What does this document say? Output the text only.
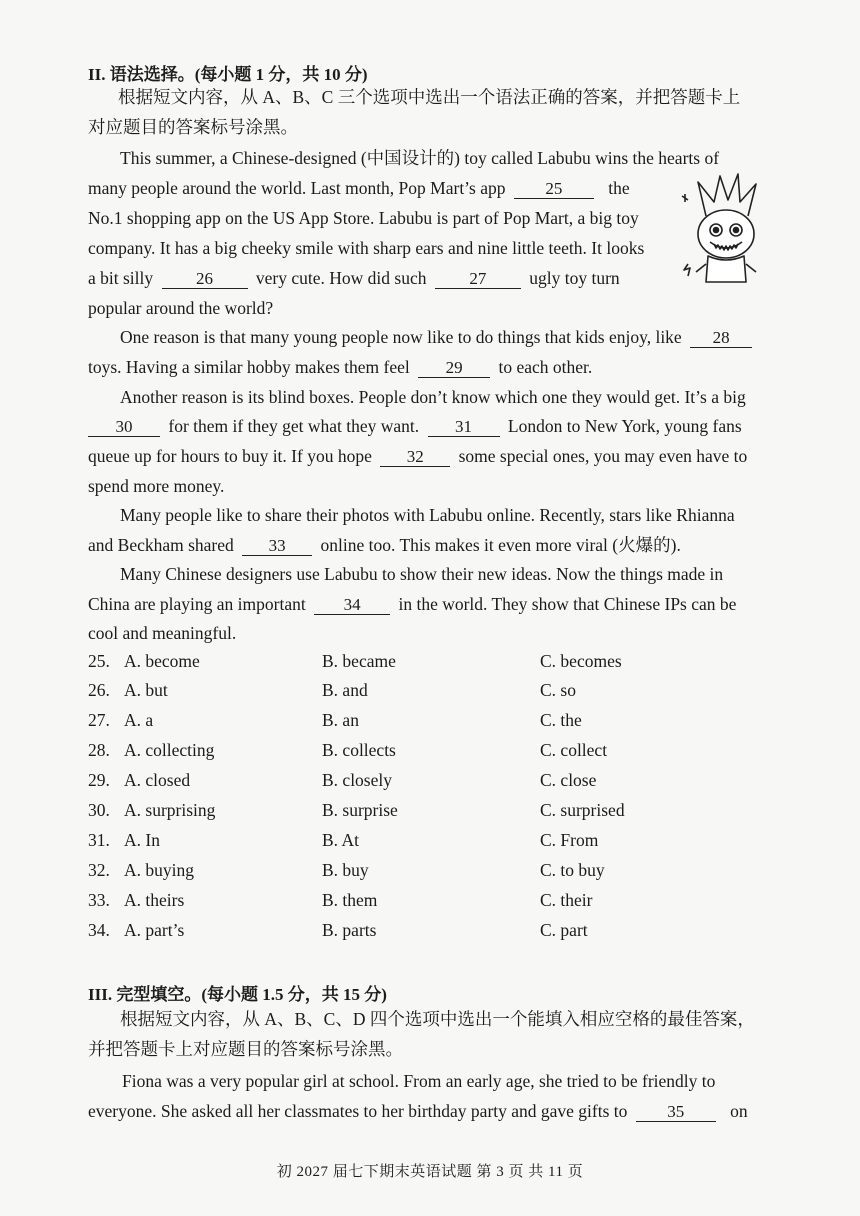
II. 语法选择。(每小题 1 分，共 10 分)
根据短文内容，从 A、B、C 三个选项中选出一个语法正确的答案，并把答题卡上
对应题目的答案标号涂黑。
This summer, a Chinese-designed (中国设计的) toy called Labubu wins the hearts of
many people around the world. Last month, Pop Mart’s app 25	the
No.1 shopping app on the US App Store. Labubu is part of Pop Mart, a big toy
company. It has a big cheeky smile with sharp ears and nine little teeth. It looks
a bit silly	26 very cute. How did such	27 ugly toy turn
popular around the world?
One reason is that many young people now like to do things that kids enjoy, like 28
toys. Having a similar hobby makes them feel 29 to each other.
Another reason is its blind boxes. People don’t know which one they would get. It’s a big
30 for them if they get what they want. 31 London to New York, young fans
queue up for hours to buy it. If you hope 32 some special ones, you may even have to
spend more money.
Many people like to share their photos with Labubu online. Recently, stars like Rhianna
and Beckham shared 33 online too. This makes it even more viral (火爆的).
Many Chinese designers use Labubu to show their new ideas. Now the things made in
China are playing an important 34 in the world. They show that Chinese IPs can be
cool and meaningful.
25. A. become	B. became	C. becomes
26. A. but	B. and	C. so
27. A. a	B. an	C. the
28. A. collecting	B. collects	C. collect
29. A. closed	B. closely	C. close
30. A. surprising	B. surprise	C. surprised
31. A. In	B. At	C. From
32. A. buying	B. buy	C. to buy
33. A. theirs	B. them	C. their
34. A. part’s	B. parts	C. part
III. 完型填空。(每小题 1.5 分，共 15 分)
根据短文内容，从 A、B、C、D 四个选项中选出一个能填入相应空格的最佳答案，
并把答题卡上对应题目的答案标号涂黑。
Fiona was a very popular girl at school. From an early age, she tried to be friendly to
everyone. She asked all her classmates to her birthday party and gave gifts to 35	on
初 2027 届七下期末英语试题 第 3 页 共 11 页
